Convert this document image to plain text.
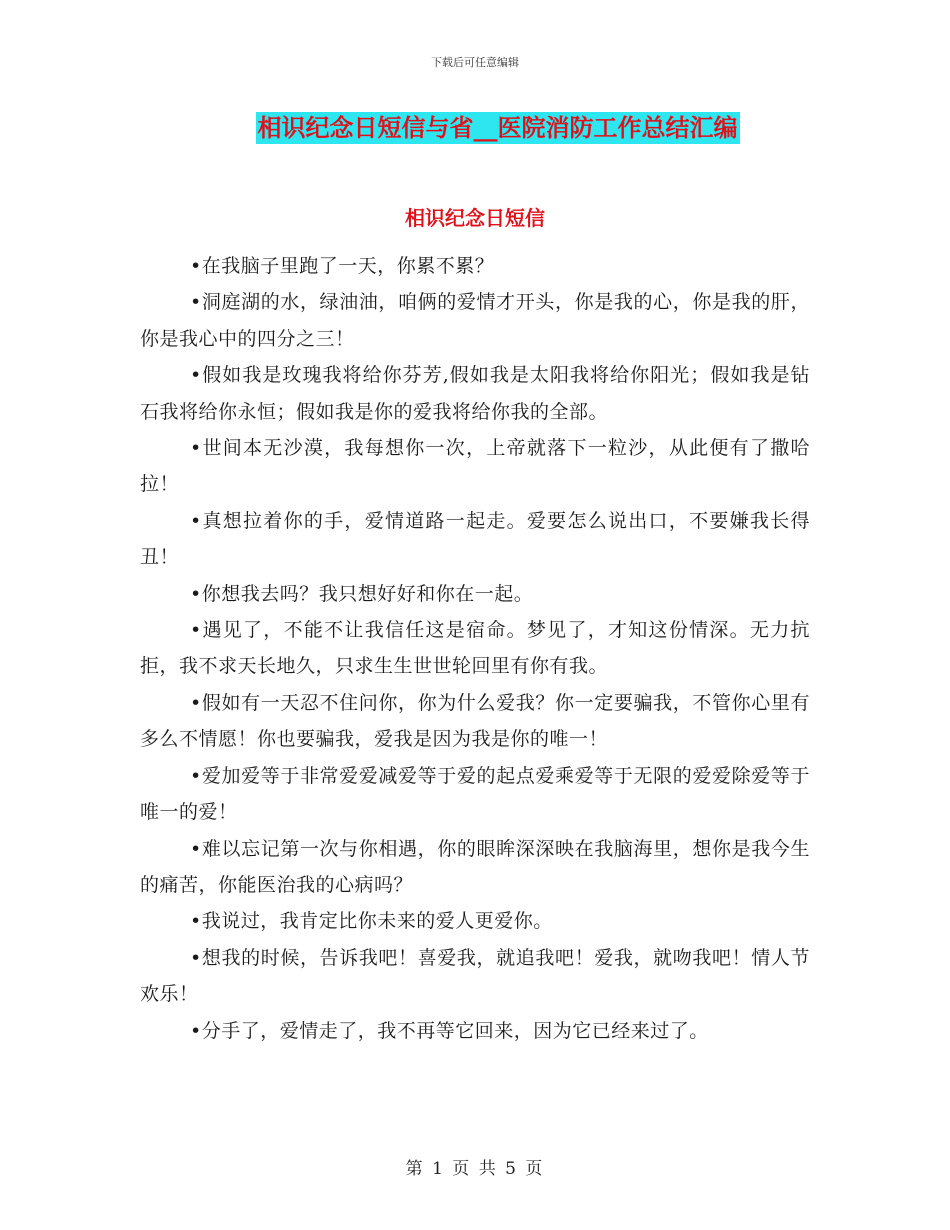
下载后可任意编辑
相识纪念日短信与省__医院消防工作总结汇编
相识纪念日短信

•在我脑子里跑了一天，你累不累？

•洞庭湖的水，绿油油，咱俩的爱情才开头，你是我的心，你是我的肝，你是我心中的四分之三！

•假如我是玫瑰我将给你芬芳,假如我是太阳我将给你阳光；假如我是钻石我将给你永恒；假如我是你的爱我将给你我的全部。

•世间本无沙漠，我每想你一次，上帝就落下一粒沙，从此便有了撒哈拉！

•真想拉着你的手，爱情道路一起走。爱要怎么说出口，不要嫌我长得丑！

•你想我去吗？我只想好好和你在一起。

•遇见了，不能不让我信任这是宿命。梦见了，才知这份情深。无力抗拒，我不求天长地久，只求生生世世轮回里有你有我。

•假如有一天忍不住问你，你为什么爱我？你一定要骗我，不管你心里有多么不情愿！你也要骗我，爱我是因为我是你的唯一！

•爱加爱等于非常爱爱减爱等于爱的起点爱乘爱等于无限的爱爱除爱等于唯一的爱！

•难以忘记第一次与你相遇，你的眼眸深深映在我脑海里，想你是我今生的痛苦，你能医治我的心病吗？

•我说过，我肯定比你未来的爱人更爱你。

•想我的时候，告诉我吧！喜爱我，就追我吧！爱我，就吻我吧！情人节欢乐！

•分手了，爱情走了，我不再等它回来，因为它已经来过了。

第 1 页 共 5 页
